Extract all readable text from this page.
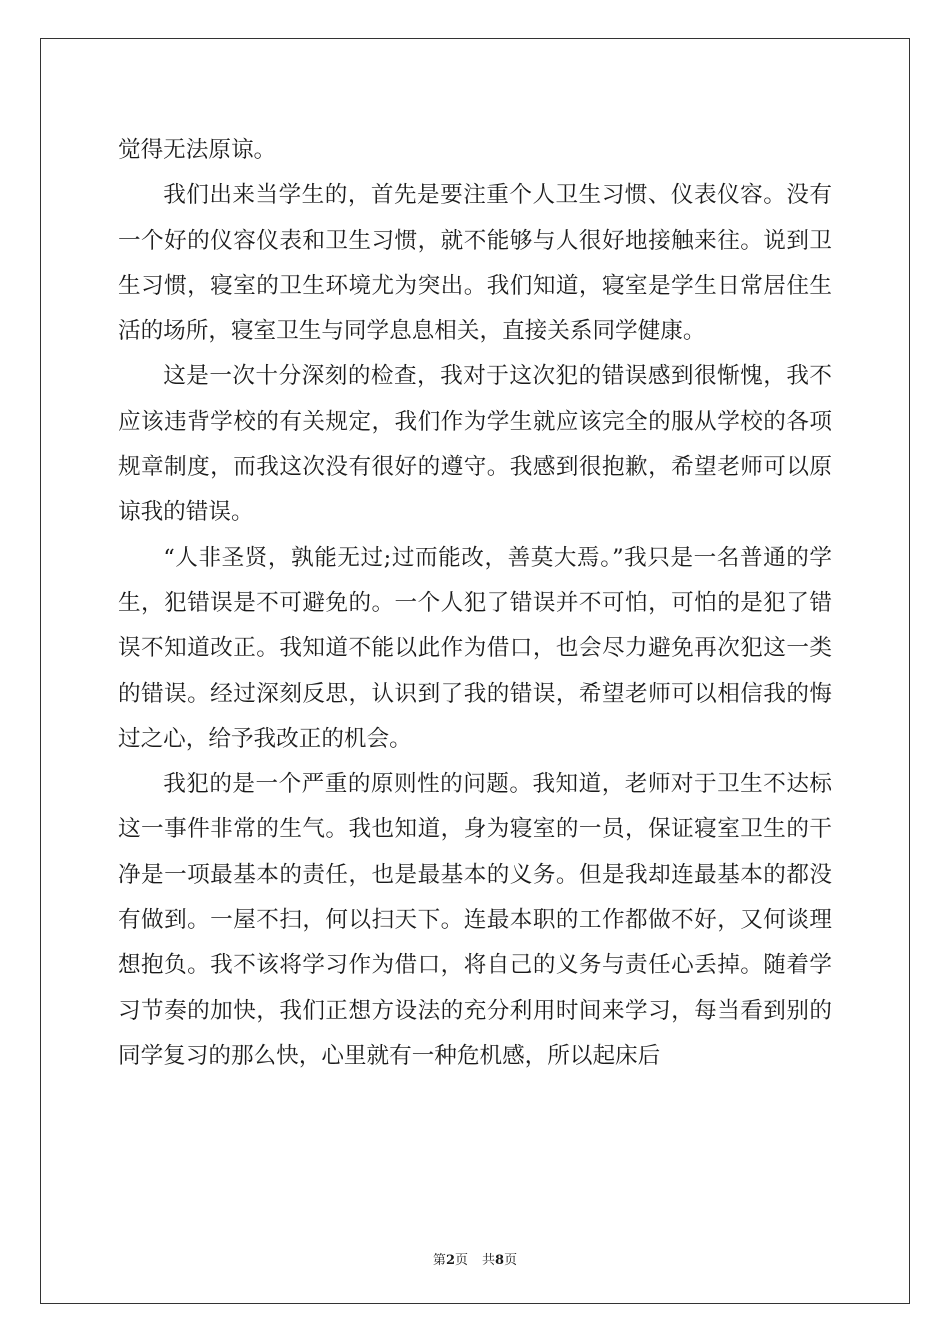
觉得无法原谅。

我们出来当学生的，首先是要注重个人卫生习惯、仪表仪容。没有一个好的仪容仪表和卫生习惯，就不能够与人很好地接触来往。说到卫生习惯，寝室的卫生环境尤为突出。我们知道，寝室是学生日常居住生活的场所，寝室卫生与同学息息相关，直接关系同学健康。

这是一次十分深刻的检查，我对于这次犯的错误感到很惭愧，我不应该违背学校的有关规定，我们作为学生就应该完全的服从学校的各项规章制度，而我这次没有很好的遵守。我感到很抱歉，希望老师可以原谅我的错误。

“人非圣贤，孰能无过;过而能改，善莫大焉。”我只是一名普通的学生，犯错误是不可避免的。一个人犯了错误并不可怕，可怕的是犯了错误不知道改正。我知道不能以此作为借口，也会尽力避免再次犯这一类的错误。经过深刻反思，认识到了我的错误，希望老师可以相信我的悔过之心，给予我改正的机会。

我犯的是一个严重的原则性的问题。我知道，老师对于卫生不达标这一事件非常的生气。我也知道，身为寝室的一员，保证寝室卫生的干净是一项最基本的责任，也是最基本的义务。但是我却连最基本的都没有做到。一屋不扫，何以扫天下。连最本职的工作都做不好，又何谈理想抱负。我不该将学习作为借口，将自己的义务与责任心丢掉。随着学习节奏的加快，我们正想方设法的充分利用时间来学习，每当看到别的同学复习的那么快，心里就有一种危机感，所以起床后

第2页 共8页
